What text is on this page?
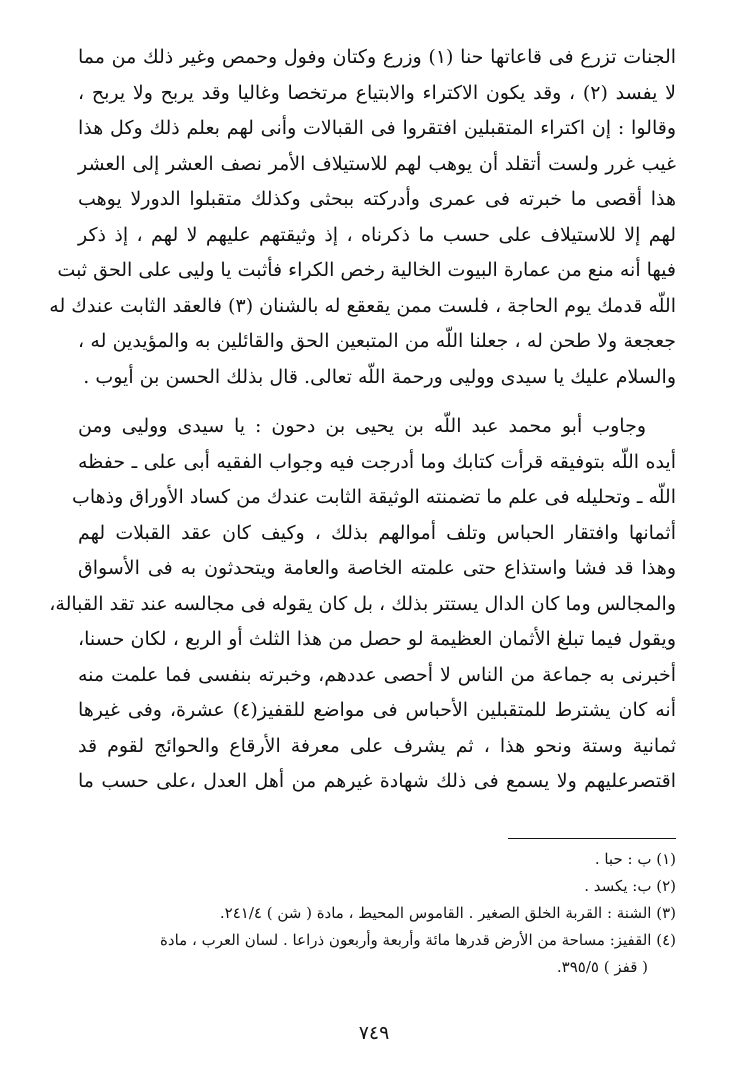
الجنات تزرع فى قاعاتها حنا (١) وزرع وكتان وفول وحمص وغير ذلك من مما
لا يفسد (٢) ، وقد يكون الاكتراء والابتياع مرتخصا وغاليا وقد يربح ولا يربح ،
وقالوا : إن اكتراء المتقبلين افتقروا فى القبالات وأنى لهم بعلم ذلك وكل هذا
غيب غرر ولست أتقلد أن يوهب لهم للاستيلاف الأمر نصف العشر إلى العشر
هذا أقصى ما خبرته فى عمرى وأدركته ببحثى وكذلك متقبلوا الدورلا يوهب
لهم إلا للاستيلاف على حسب ما ذكرناه ، إذ وثيقتهم عليهم لا لهم ، إذ ذكر
فيها أنه منع من عمارة البيوت الخالية رخص الكراء فأثبت يا وليى على الحق ثبت
اللّه قدمك يوم الحاجة ، فلست ممن يقعقع له بالشنان (٣) فالعقد الثابت عندك له
جعجعة ولا طحن له ، جعلنا اللّه من المتبعين الحق والقائلين به والمؤيدين له ،
والسلام عليك يا سيدى ووليى ورحمة اللّه تعالى. قال بذلك الحسن بن أيوب .
وجاوب أبو محمد عبد اللّه بن يحيى بن دحون : يا سيدى ووليى ومن
أيده اللّه بتوفيقه قرأت كتابك وما أدرجت فيه وجواب الفقيه أبى على ـ حفظه
اللّه ـ وتحليله فى علم ما تضمنته الوثيقة الثابت عندك من كساد الأوراق وذهاب
أثمانها وافتقار الحباس وتلف أموالهم بذلك ، وكيف كان عقد القبلات لهم
وهذا قد فشا واستذاع حتى علمته الخاصة والعامة ويتحدثون به فى الأسواق
والمجالس وما كان الدال يستتر بذلك ، بل كان يقوله فى مجالسه عند تقد القبالة،
ويقول فيما تبلغ الأثمان العظيمة لو حصل من هذا الثلث أو الربع ، لكان حسنا،
أخبرنى به جماعة من الناس لا أحصى عددهم، وخبرته بنفسى فما علمت منه
أنه كان يشترط للمتقبلين الأحباس فى مواضع للقفيز(٤) عشرة، وفى غيرها
ثمانية وستة ونحو هذا ، ثم يشرف على معرفة الأرقاع والحوائج لقوم قد
اقتصرعليهم ولا يسمع فى ذلك شهادة غيرهم من أهل العدل ،على حسب ما
(١) ب : حبا .
(٢) ب: يكسد .
(٣) الشنة : القربة الخلق الصغير . القاموس المحيط ، مادة ( شن ) ٢٤١/٤.
(٤) القفيز: مساحة من الأرض قدرها مائة وأربعة وأربعون ذراعا . لسان العرب ، مادة
( قفز ) ٣٩٥/٥.
٧٤٩
